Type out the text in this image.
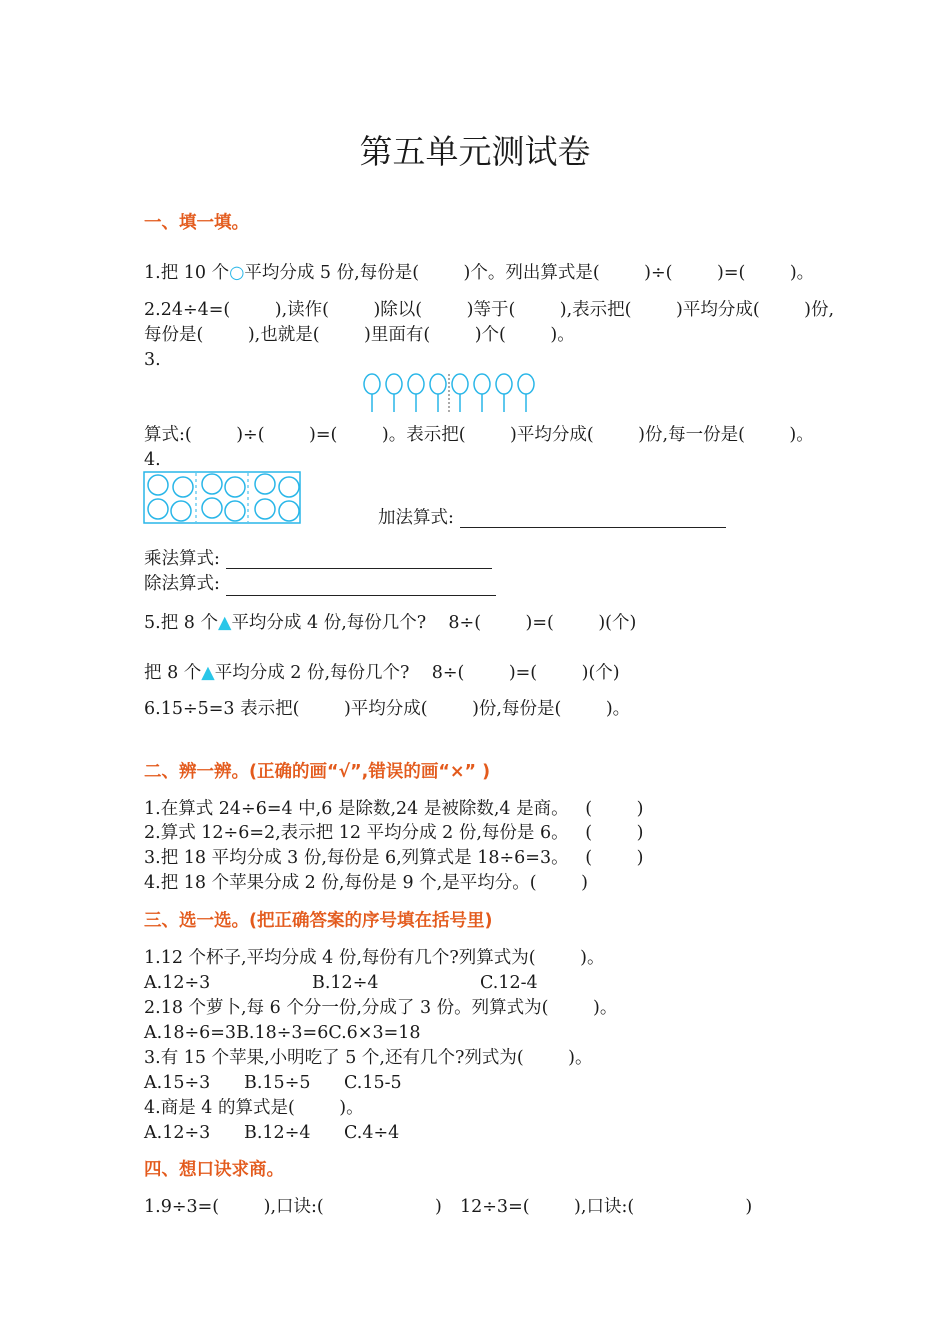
第五单元测试卷
一、填一填。
1.把 10 个○平均分成 5 份,每份是(        )个。列出算式是(        )÷(        )=(        )。
2.24÷4=(        ),读作(        )除以(        )等于(        ),表示把(        )平均分成(        )份,
每份是(        ),也就是(        )里面有(        )个(        )。
3.
算式:(        )÷(        )=(        )。表示把(        )平均分成(        )份,每一份是(        )。
4.
加法算式:
乘法算式:
除法算式:
5.把 8 个▲平均分成 4 份,每份几个?    8÷(        )=(        )(个)
把 8 个▲平均分成 2 份,每份几个?    8÷(        )=(        )(个)
6.15÷5=3 表示把(        )平均分成(        )份,每份是(        )。
二、辨一辨。(正确的画“√”,错误的画“×” )
1.在算式 24÷6=4 中,6 是除数,24 是被除数,4 是商。   (        )
2.算式 12÷6=2,表示把 12 平均分成 2 份,每份是 6。   (        )
3.把 18 平均分成 3 份,每份是 6,列算式是 18÷6=3。   (        )
4.把 18 个苹果分成 2 份,每份是 9 个,是平均分。(        )
三、选一选。(把正确答案的序号填在括号里)
1.12 个杯子,平均分成 4 份,每份有几个?列算式为(        )。
A.12÷3	B.12÷4	C.12-4
2.18 个萝卜,每 6 个分一份,分成了 3 份。列算式为(        )。
A.18÷6=3B.18÷3=6C.6×3=18
3.有 15 个苹果,小明吃了 5 个,还有几个?列式为(        )。
A.15÷3 B.15÷5 C.15-5
4.商是 4 的算式是(        )。
A.12÷3 B.12÷4 C.4÷4
四、想口诀求商。
1.9÷3=(        ),口诀:(                    ) 12÷3=(        ),口诀:(                    )
